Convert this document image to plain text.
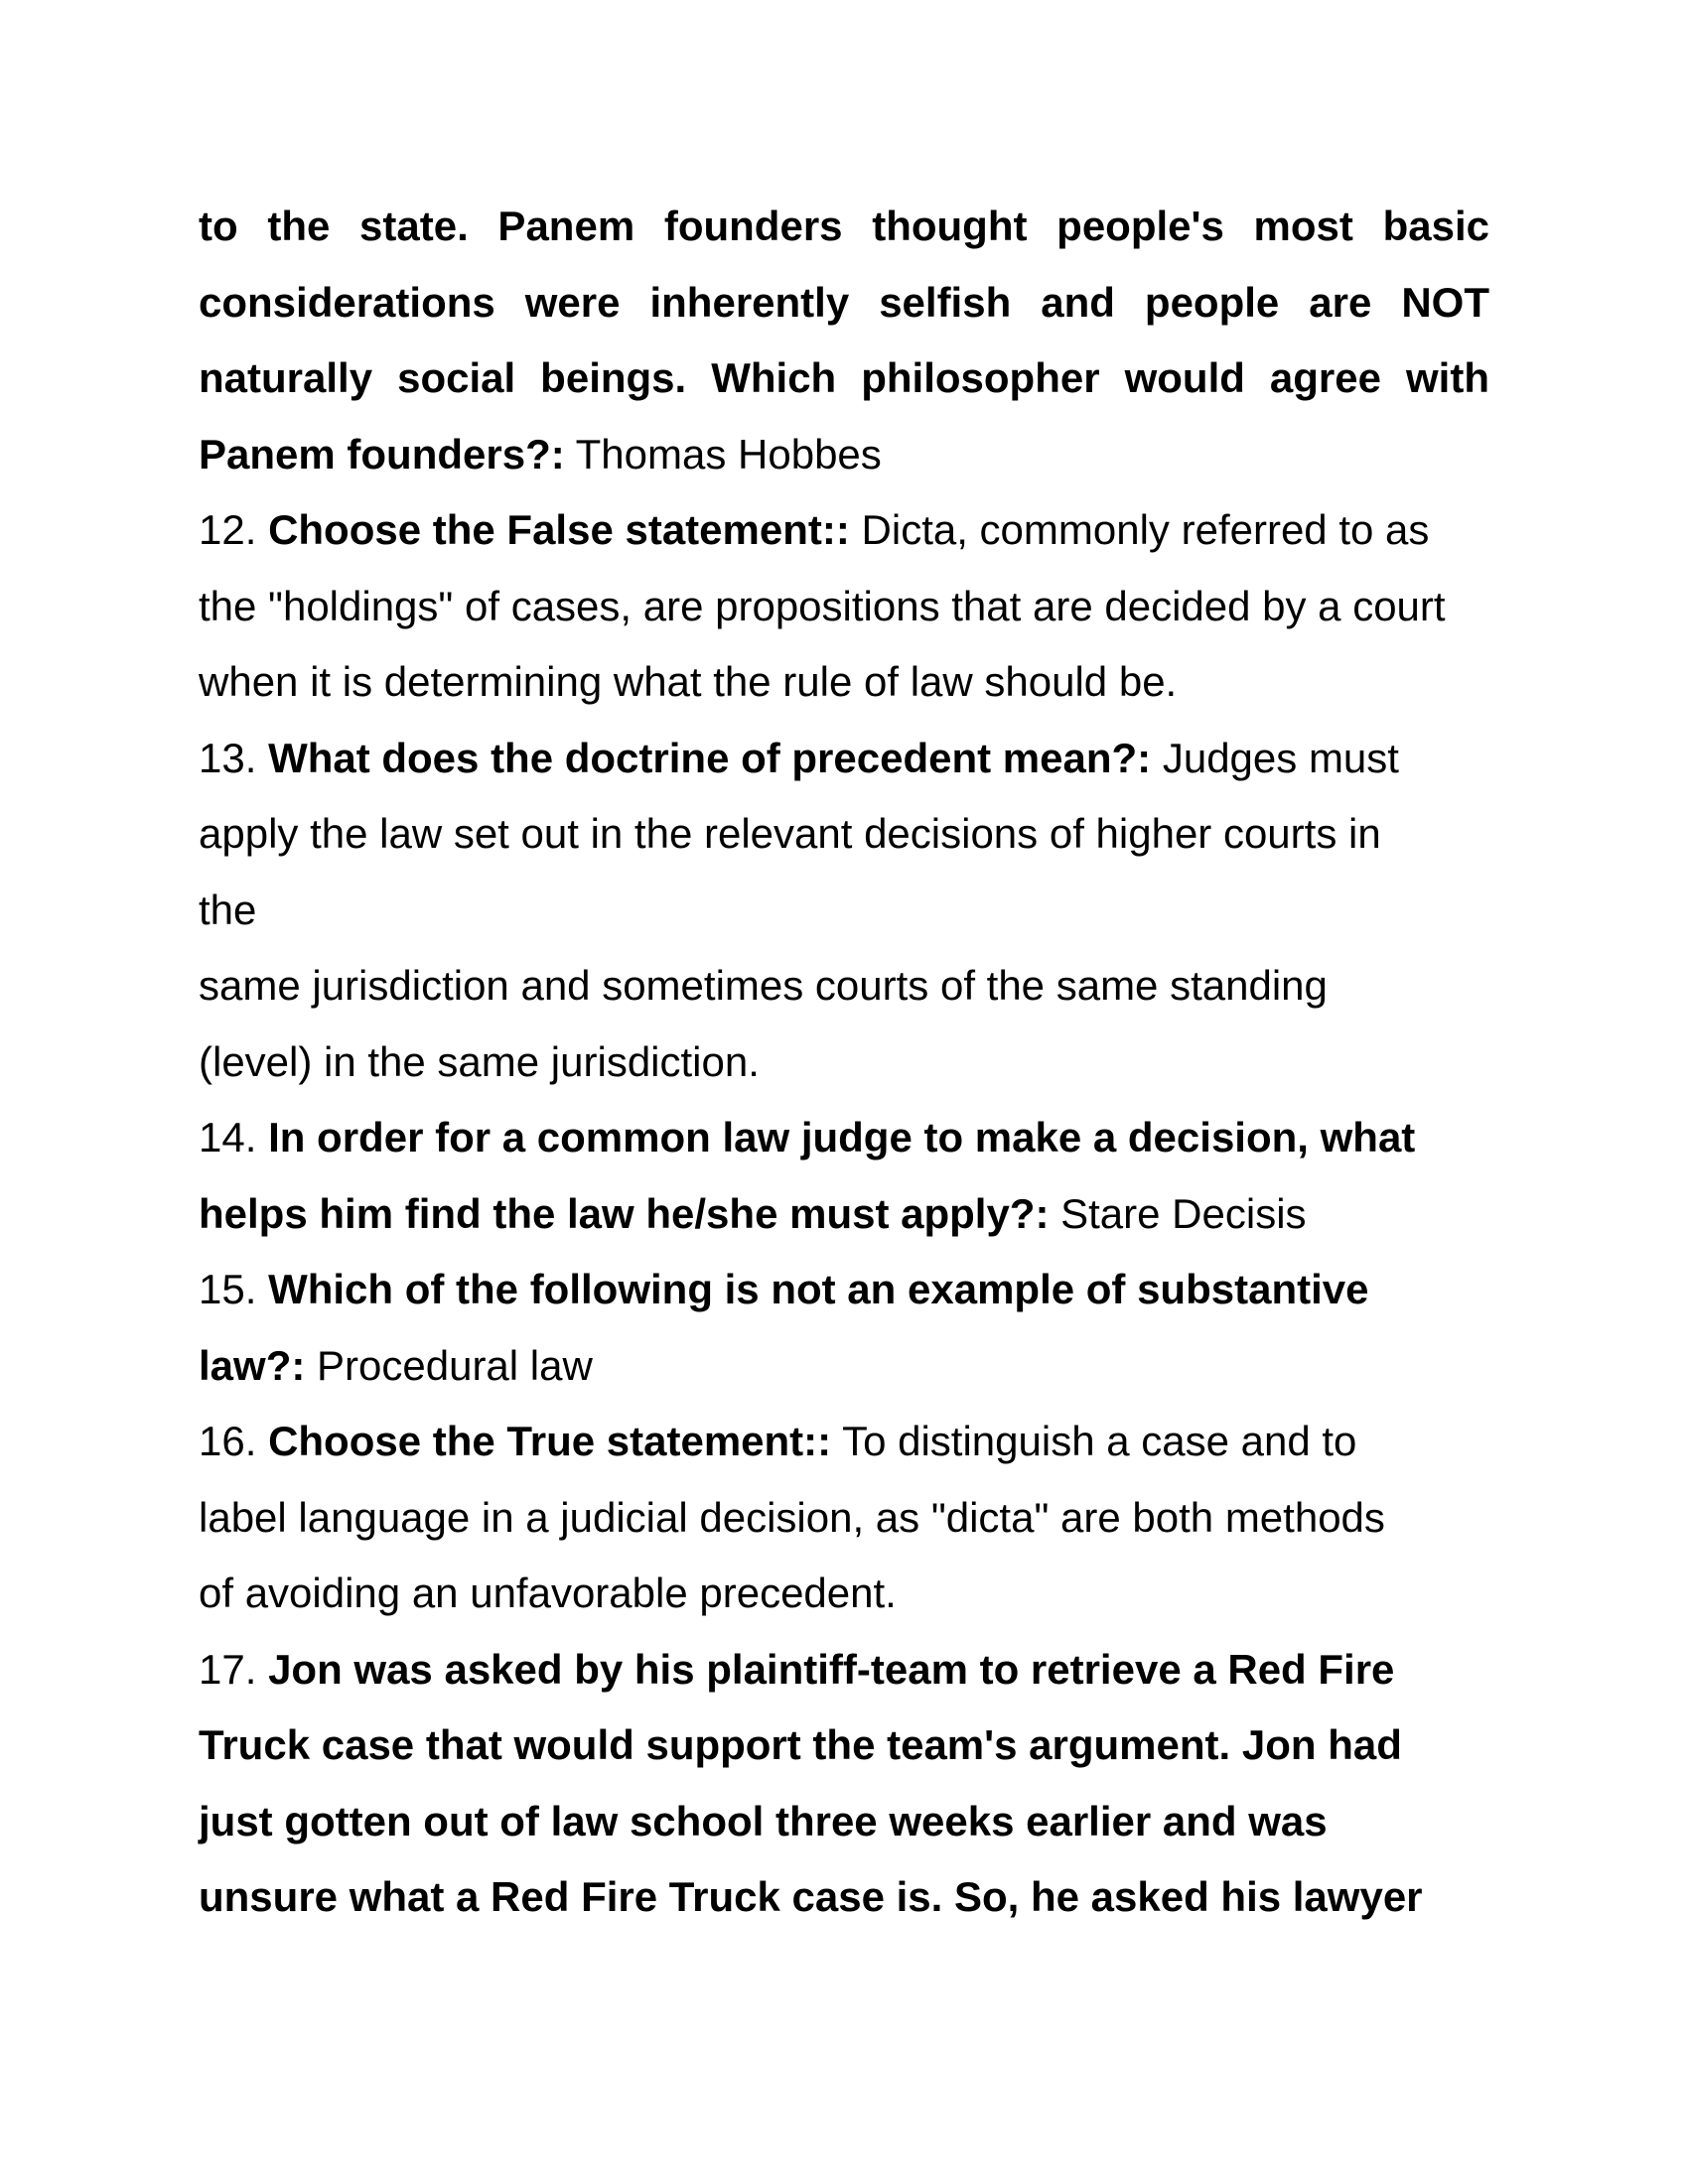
to the state. Panem founders thought people's most basic

considerations were inherently selfish and people are NOT

naturally social beings. Which philosopher would agree with

Panem founders?: Thomas Hobbes

12. Choose the False statement:: Dicta, commonly referred to as

the "holdings" of cases, are propositions that are decided by a court

when it is determining what the rule of law should be.

13. What does the doctrine of precedent mean?: Judges must

apply the law set out in the relevant decisions of higher courts in

the

same jurisdiction and sometimes courts of the same standing

(level) in the same jurisdiction.

14. In order for a common law judge to make a decision, what

helps him find the law he/she must apply?: Stare Decisis

15. Which of the following is not an example of substantive

law?: Procedural law

16. Choose the True statement:: To distinguish a case and to

label language in a judicial decision, as "dicta" are both methods

of avoiding an unfavorable precedent.

17. Jon was asked by his plaintiff-team to retrieve a Red Fire

Truck case that would support the team's argument. Jon had

just gotten out of law school three weeks earlier and was

unsure what a Red Fire Truck case is. So, he asked his lawyer
